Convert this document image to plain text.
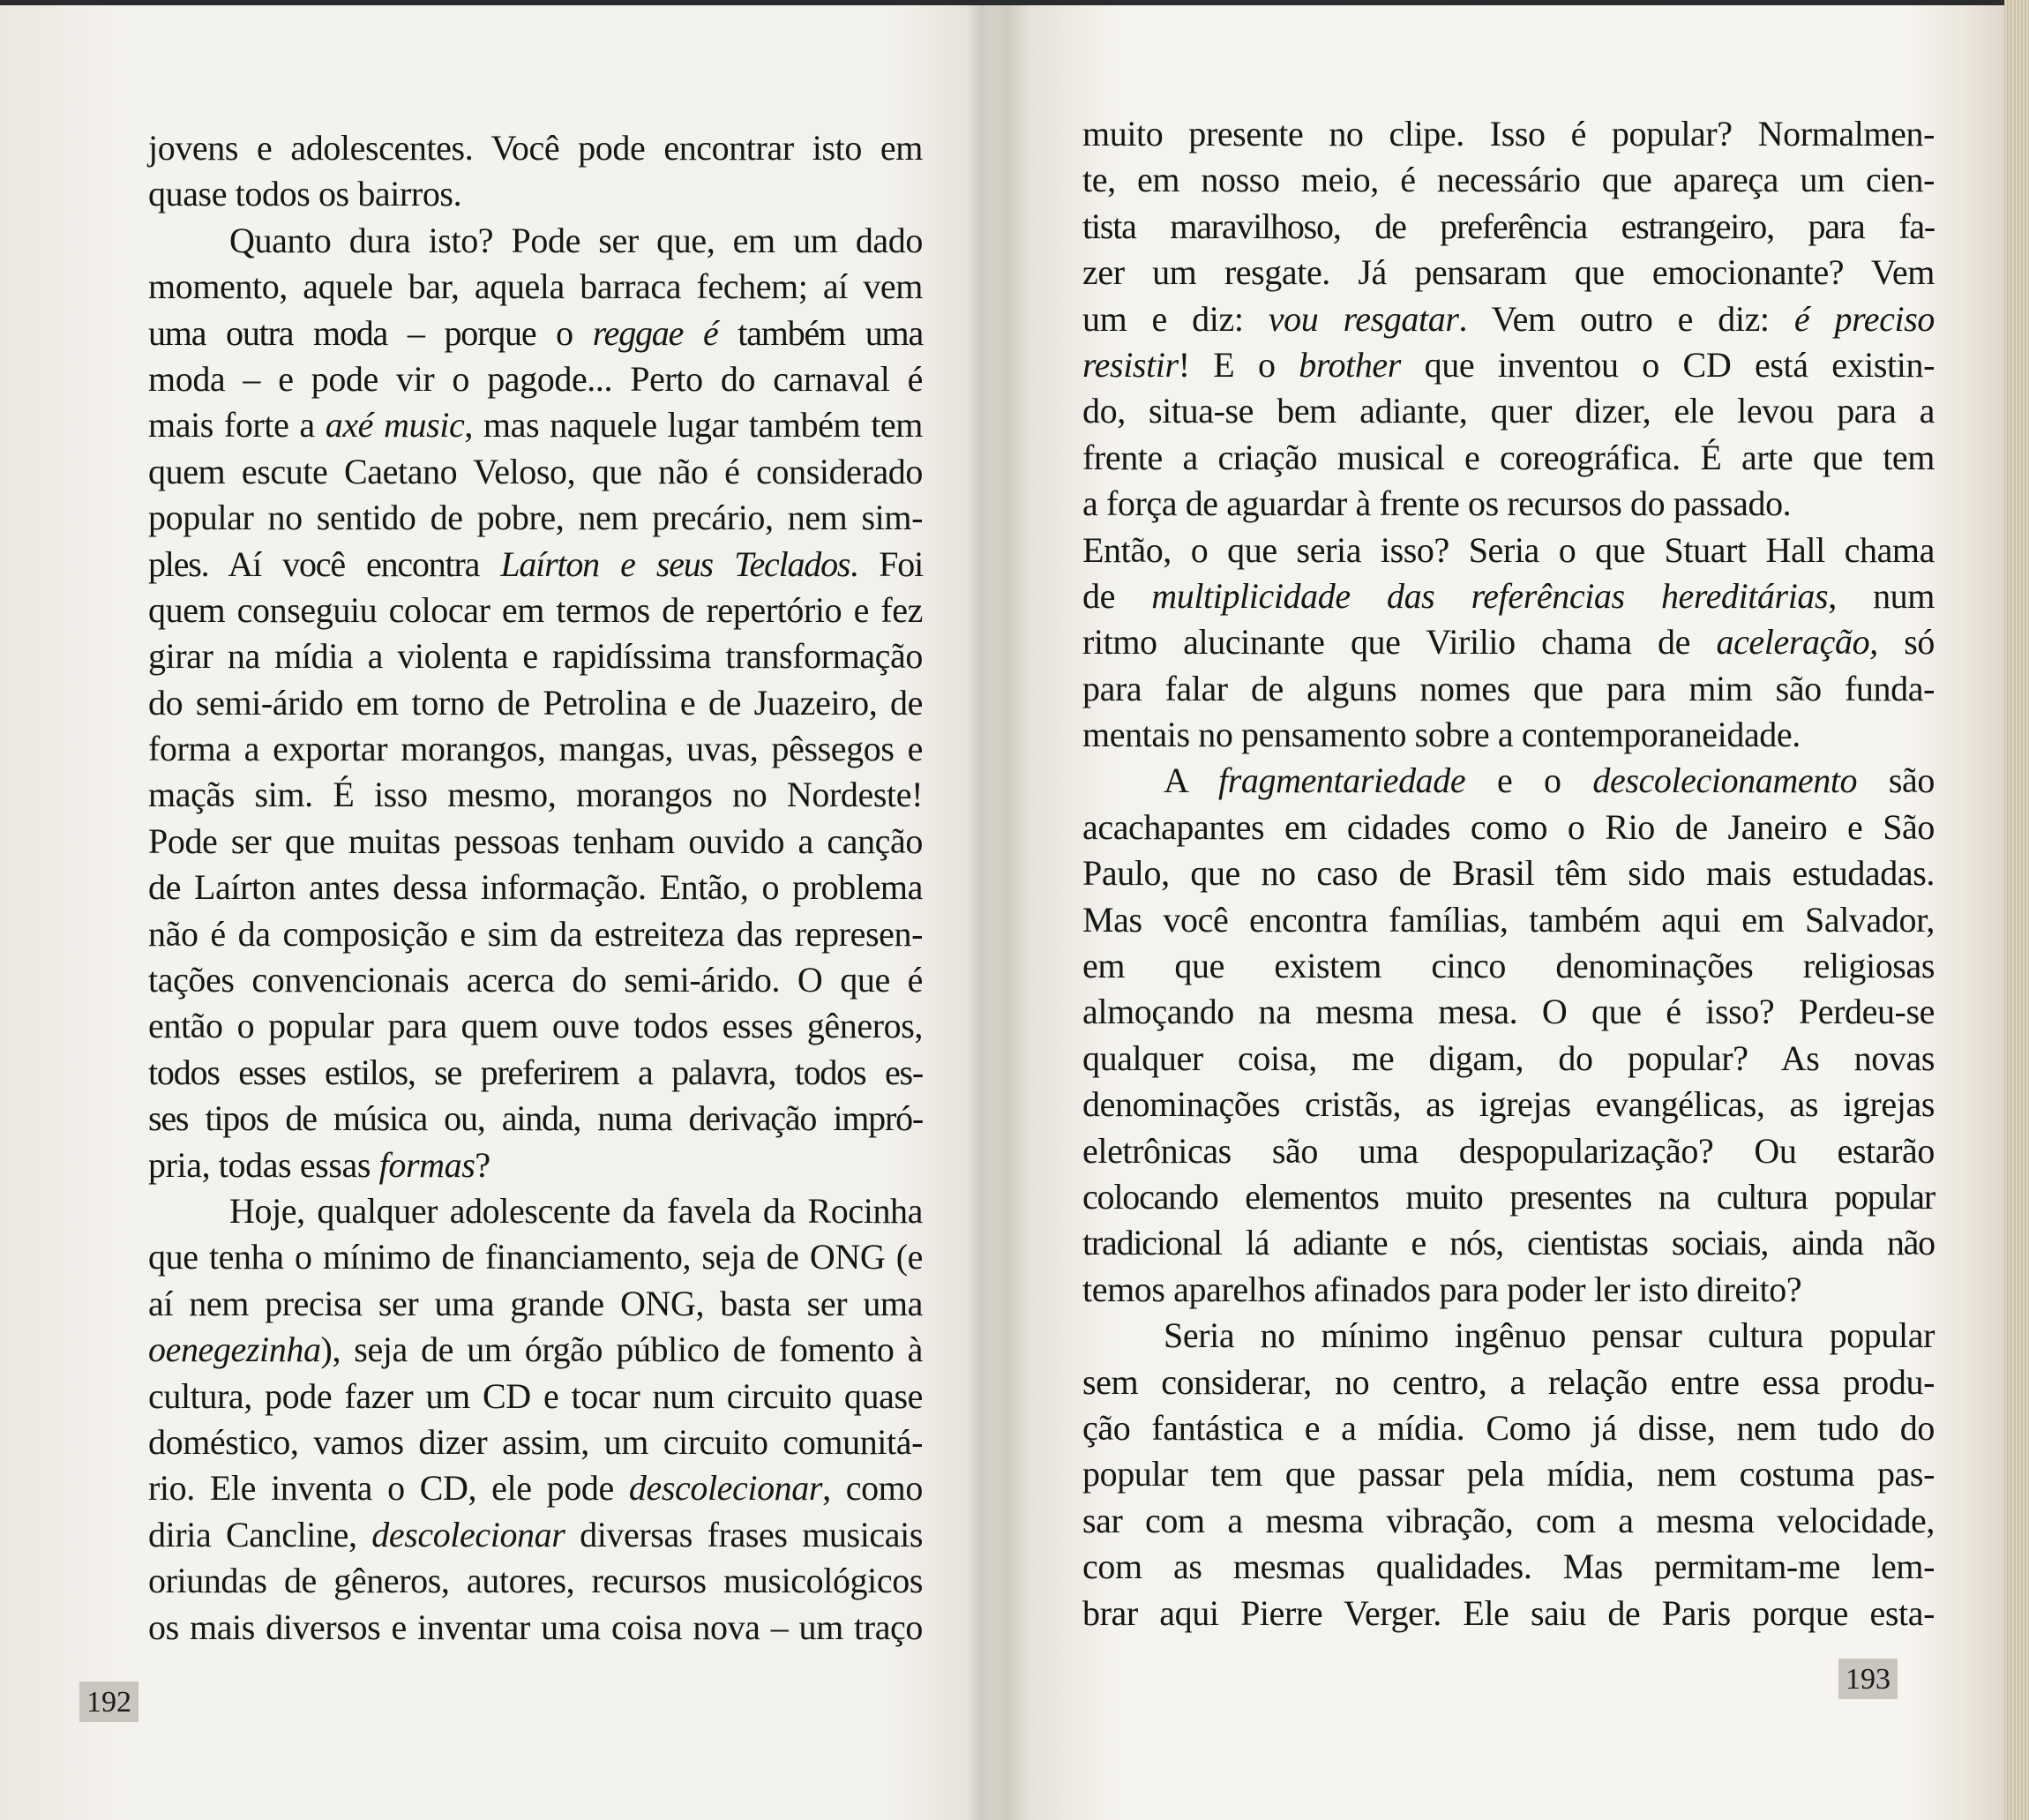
jovens e adolescentes. Você pode encontrar isto em
quase todos os bairros.
Quanto dura isto? Pode ser que, em um dado
momento, aquele bar, aquela barraca fechem; aí vem
uma outra moda – porque o reggae é também uma
moda – e pode vir o pagode... Perto do carnaval é
mais forte a axé music, mas naquele lugar também tem
quem escute Caetano Veloso, que não é considerado
popular no sentido de pobre, nem precário, nem sim-
ples. Aí você encontra Laírton e seus Teclados. Foi
quem conseguiu colocar em termos de repertório e fez
girar na mídia a violenta e rapidíssima transformação
do semi-árido em torno de Petrolina e de Juazeiro, de
forma a exportar morangos, mangas, uvas, pêssegos e
maçãs sim. É isso mesmo, morangos no Nordeste!
Pode ser que muitas pessoas tenham ouvido a canção
de Laírton antes dessa informação. Então, o problema
não é da composição e sim da estreiteza das represen-
tações convencionais acerca do semi-árido. O que é
então o popular para quem ouve todos esses gêneros,
todos esses estilos, se preferirem a palavra, todos es-
ses tipos de música ou, ainda, numa derivação impró-
pria, todas essas formas?
Hoje, qualquer adolescente da favela da Rocinha
que tenha o mínimo de financiamento, seja de ONG (e
aí nem precisa ser uma grande ONG, basta ser uma
oenegezinha), seja de um órgão público de fomento à
cultura, pode fazer um CD e tocar num circuito quase
doméstico, vamos dizer assim, um circuito comunitá-
rio. Ele inventa o CD, ele pode descolecionar, como
diria Cancline, descolecionar diversas frases musicais
oriundas de gêneros, autores, recursos musicológicos
os mais diversos e inventar uma coisa nova – um traço
192
muito presente no clipe. Isso é popular? Normalmen-
te, em nosso meio, é necessário que apareça um cien-
tista maravilhoso, de preferência estrangeiro, para fa-
zer um resgate. Já pensaram que emocionante? Vem
um e diz: vou resgatar. Vem outro e diz: é preciso
resistir! E o brother que inventou o CD está existin-
do, situa-se bem adiante, quer dizer, ele levou para a
frente a criação musical e coreográfica. É arte que tem
a força de aguardar à frente os recursos do passado.
Então, o que seria isso? Seria o que Stuart Hall chama
de multiplicidade das referências hereditárias, num
ritmo alucinante que Virilio chama de aceleração, só
para falar de alguns nomes que para mim são funda-
mentais no pensamento sobre a contemporaneidade.
A fragmentariedade e o descolecionamento são
acachapantes em cidades como o Rio de Janeiro e São
Paulo, que no caso de Brasil têm sido mais estudadas.
Mas você encontra famílias, também aqui em Salvador,
em que existem cinco denominações religiosas
almoçando na mesma mesa. O que é isso? Perdeu-se
qualquer coisa, me digam, do popular? As novas
denominações cristãs, as igrejas evangélicas, as igrejas
eletrônicas são uma despopularização? Ou estarão
colocando elementos muito presentes na cultura popular
tradicional lá adiante e nós, cientistas sociais, ainda não
temos aparelhos afinados para poder ler isto direito?
Seria no mínimo ingênuo pensar cultura popular
sem considerar, no centro, a relação entre essa produ-
ção fantástica e a mídia. Como já disse, nem tudo do
popular tem que passar pela mídia, nem costuma pas-
sar com a mesma vibração, com a mesma velocidade,
com as mesmas qualidades. Mas permitam-me lem-
brar aqui Pierre Verger. Ele saiu de Paris porque esta-
193
